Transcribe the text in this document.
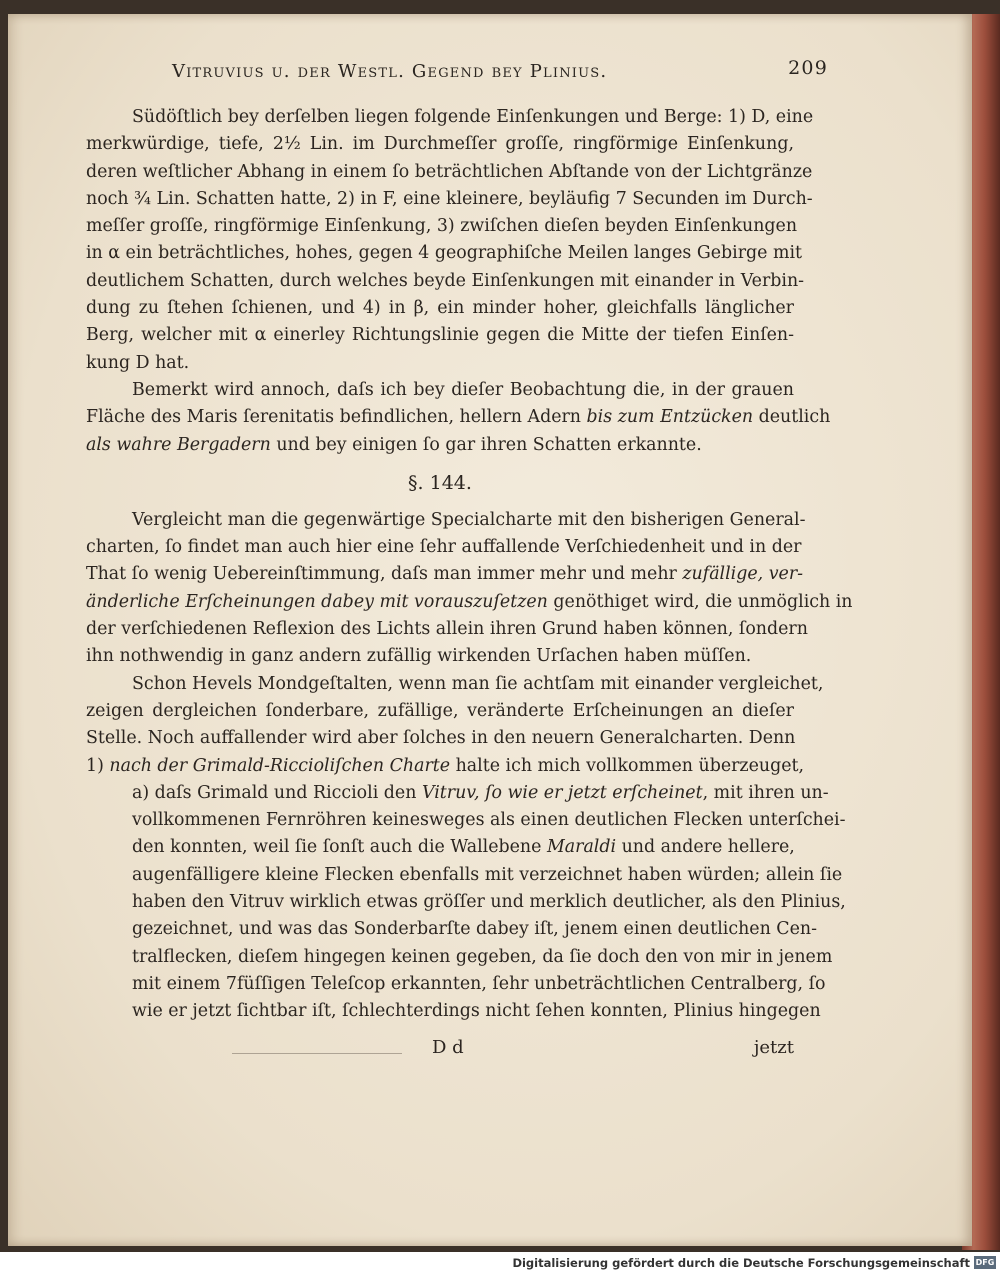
Vitruvius u. der Westl. Gegend bey Plinius.	209
Südöſtlich bey derſelben liegen folgende Einſenkungen und Berge: 1) D, eine
merkwürdige, tiefe, 2½ Lin. im Durchmeſſer groſſe, ringförmige Einſenkung,
deren weſtlicher Abhang in einem ſo beträchtlichen Abſtande von der Lichtgränze
noch ¾ Lin. Schatten hatte, 2) in F, eine kleinere, beyläufig 7 Secunden im Durch-
meſſer groſſe, ringförmige Einſenkung, 3) zwiſchen dieſen beyden Einſenkungen
in α ein beträchtliches, hohes, gegen 4 geographiſche Meilen langes Gebirge mit
deutlichem Schatten, durch welches beyde Einſenkungen mit einander in Verbin-
dung zu ſtehen ſchienen, und 4) in β, ein minder hoher, gleichfalls länglicher
Berg, welcher mit α einerley Richtungslinie gegen die Mitte der tiefen Einſen-
kung D hat.
Bemerkt wird annoch, daſs ich bey dieſer Beobachtung die, in der grauen
Fläche des Maris ſerenitatis befindlichen, hellern Adern bis zum Entzücken deutlich
als wahre Bergadern und bey einigen ſo gar ihren Schatten erkannte.
§. 144.
Vergleicht man die gegenwärtige Specialcharte mit den bisherigen General-
charten, ſo findet man auch hier eine ſehr auffallende Verſchiedenheit und in der
That ſo wenig Uebereinſtimmung, daſs man immer mehr und mehr zufällige, ver-
änderliche Erſcheinungen dabey mit vorauszuſetzen genöthiget wird, die unmöglich in
der verſchiedenen Reflexion des Lichts allein ihren Grund haben können, ſondern
ihn nothwendig in ganz andern zufällig wirkenden Urſachen haben müſſen.
Schon Hevels Mondgeſtalten, wenn man ſie achtſam mit einander vergleichet,
zeigen dergleichen ſonderbare, zufällige, veränderte Erſcheinungen an dieſer
Stelle. Noch auffallender wird aber ſolches in den neuern Generalcharten. Denn
1) nach der Grimald-Riccioliſchen Charte halte ich mich vollkommen überzeuget,
a) daſs Grimald und Riccioli den Vitruv, ſo wie er jetzt erſcheinet, mit ihren un-
vollkommenen Fernröhren keinesweges als einen deutlichen Flecken unterſchei-
den konnten, weil ſie ſonſt auch die Wallebene Maraldi und andere hellere,
augenfälligere kleine Flecken ebenfalls mit verzeichnet haben würden; allein ſie
haben den Vitruv wirklich etwas gröſſer und merklich deutlicher, als den Plinius,
gezeichnet, und was das Sonderbarſte dabey iſt, jenem einen deutlichen Cen-
tralflecken, dieſem hingegen keinen gegeben, da ſie doch den von mir in jenem
mit einem 7füſſigen Teleſcop erkannten, ſehr unbeträchtlichen Centralberg, ſo
wie er jetzt ſichtbar iſt, ſchlechterdings nicht ſehen konnten, Plinius hingegen
D d	jetzt
Digitalisierung gefördert durch die Deutsche Forschungsgemeinschaft DFG
